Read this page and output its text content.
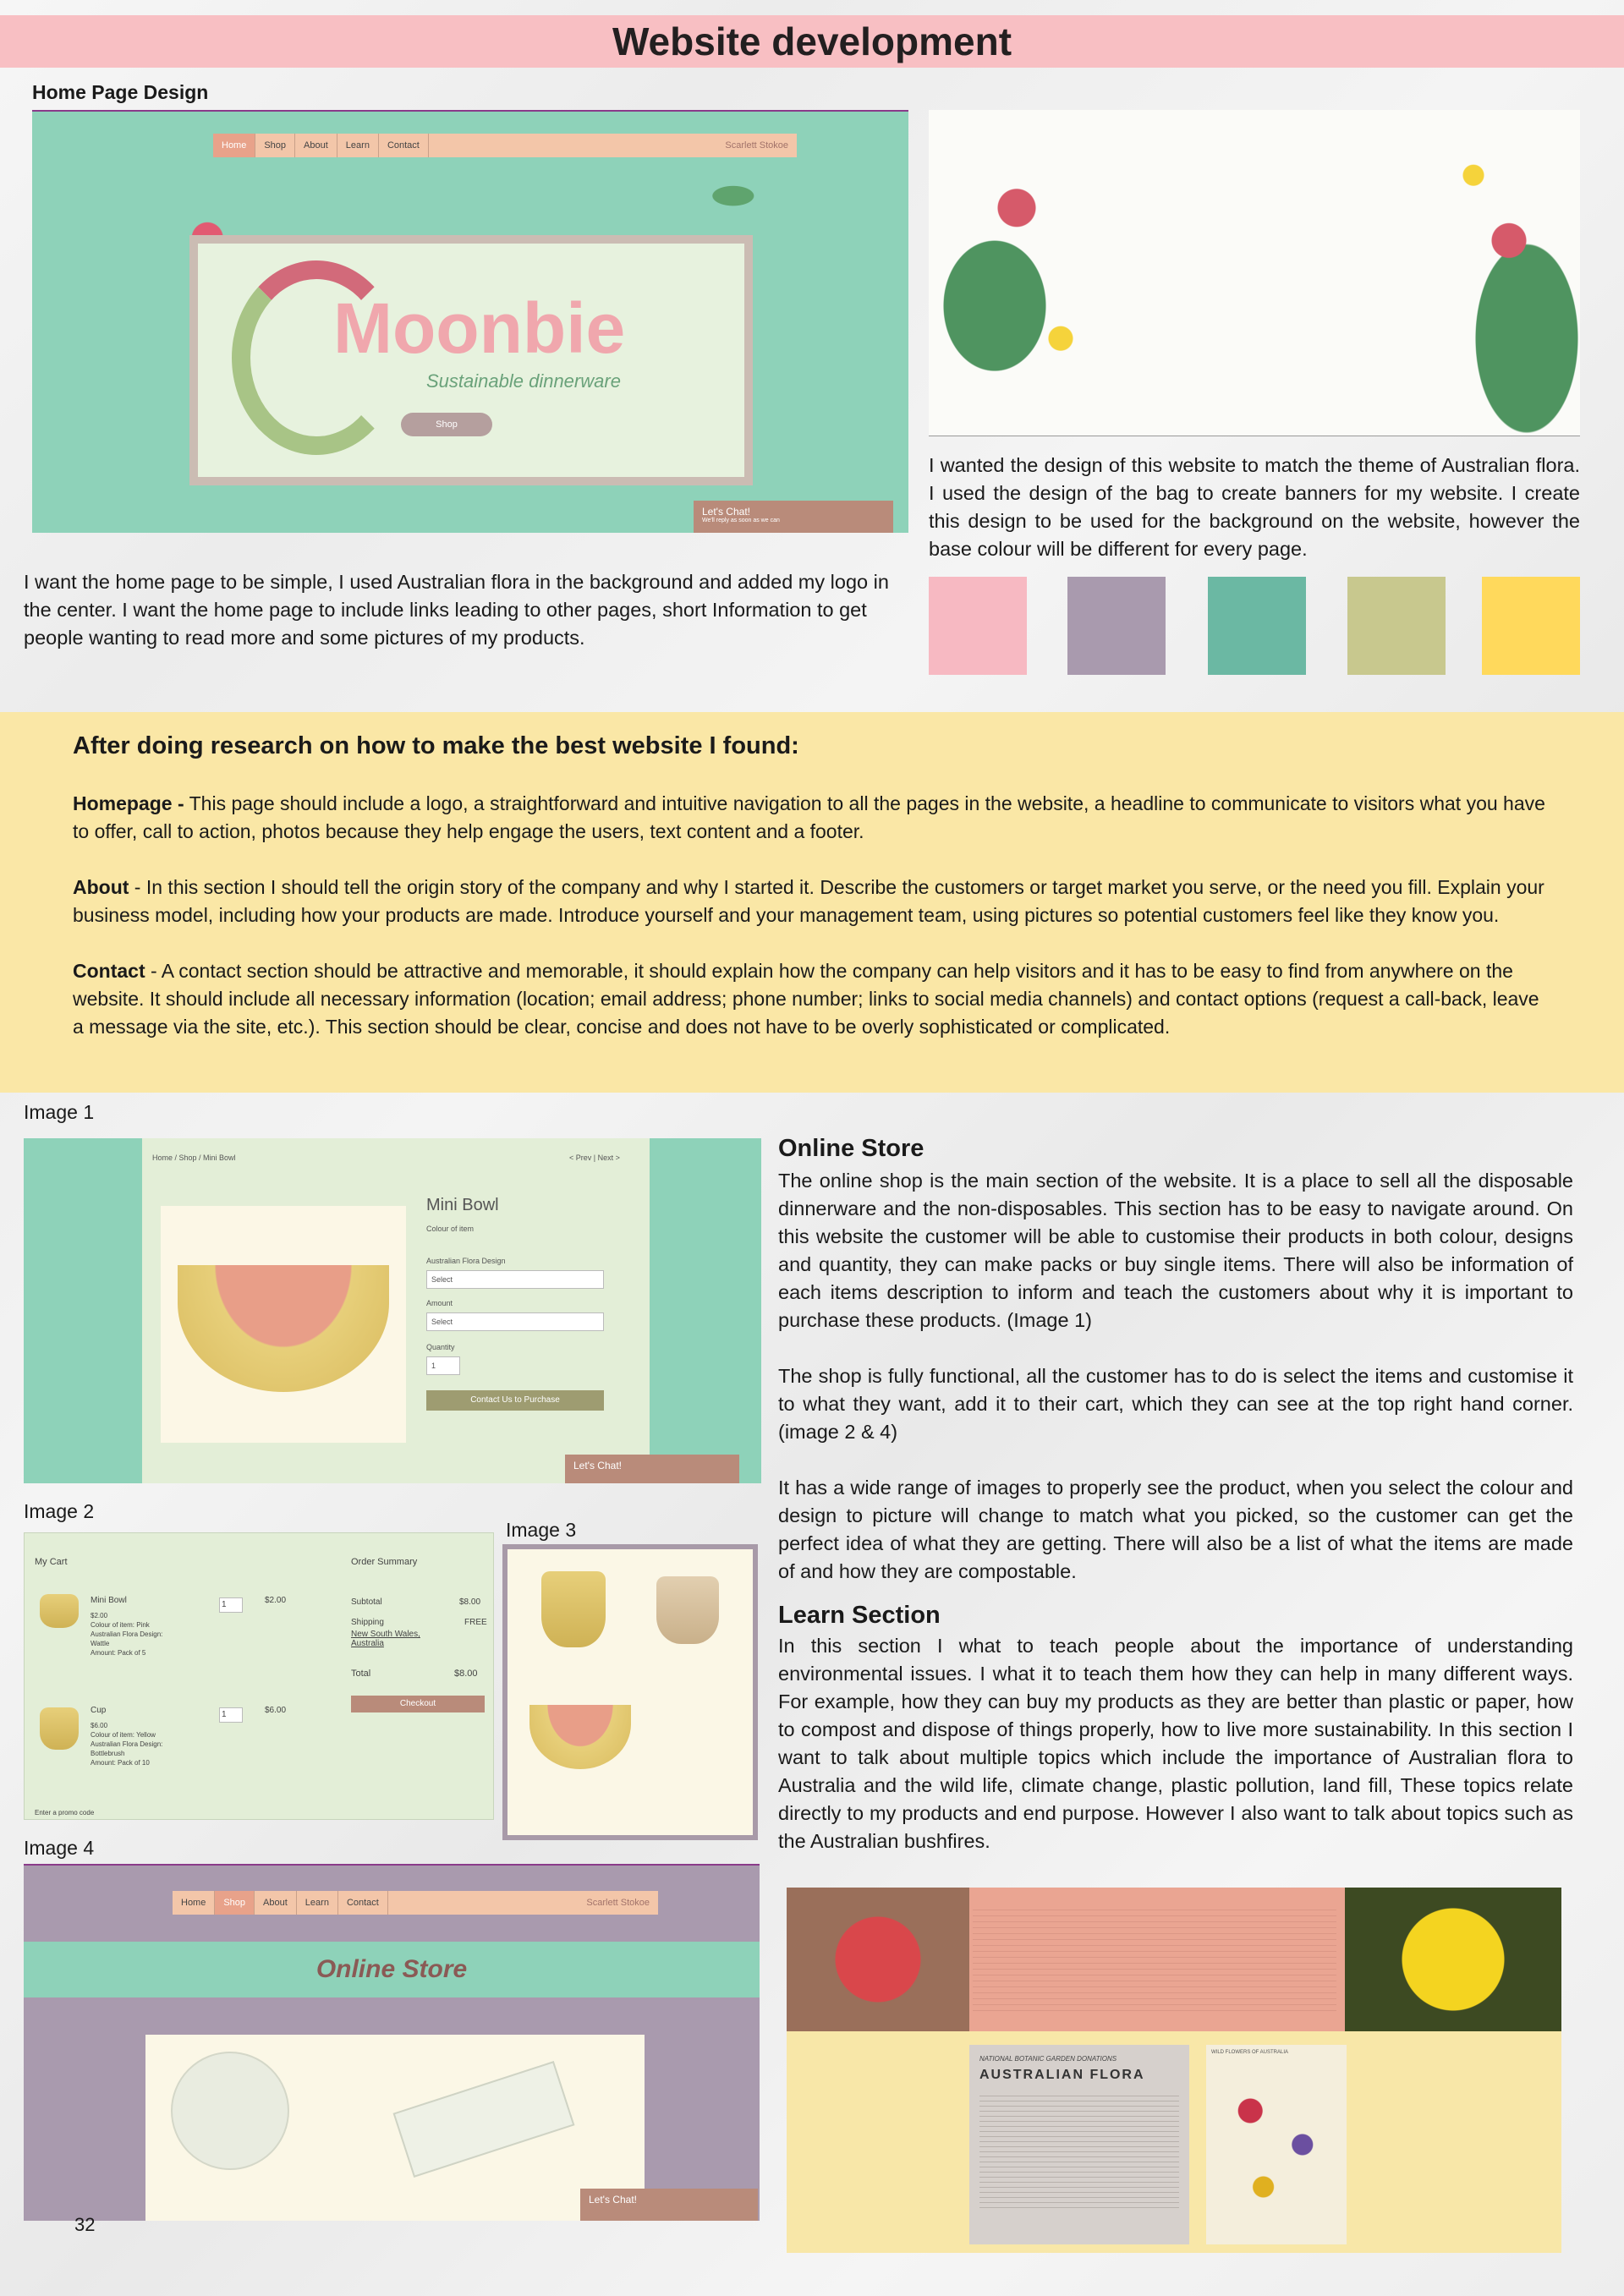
Website development
Home Page Design
Home	Shop	About	Learn	Contact	Scarlett Stokoe
Moonbie
Sustainable dinnerware
Shop
Let's Chat!
We'll reply as soon as we can
I want the home page to be simple, I used Australian flora in the background and added my logo in the center. I want the home page to include links leading to other pages, short Information to get people wanting to read more and some pictures of my products.
I wanted the design of this website to match the theme of Australian flora. I used the design of the bag to create banners for my website. I create this design to be used for the background on the website, however the base colour will be different for every page.
After doing research on how to make the best website I found:

Homepage - This page should include a logo, a straightforward and intuitive navigation to all the pages in the website, a headline to communicate to visitors what you have to offer, call to action, photos because they help engage the users, text content and a footer.

About - In this section I should tell the origin story of the company and why I started it. Describe the customers or target market you serve, or the need you fill. Explain your business model, including how your products are made. Introduce yourself and your management team, using pictures so potential customers feel like they know you.

Contact - A contact section should be attractive and memorable, it should explain how the company can help visitors and it has to be easy to find from anywhere on the website. It should include all necessary information (location; email address; phone number; links to social media channels) and contact options (request a call-back, leave a message via the site, etc.). This section should be clear, concise and does not have to be overly sophisticated or complicated.

Image 1
Home / Shop / Mini Bowl	< Prev | Next >
Mini Bowl
Colour of item
Australian Flora Design
Select
Amount
Select
Quantity
1
Contact Us to Purchase
Let's Chat!
Image 2
My Cart	Order Summary
Mini Bowl
$2.00
Colour of item: Pink
Australian Flora Design:
Wattle
Amount: Pack of 5
1	$2.00
Cup
$6.00
Colour of item: Yellow
Australian Flora Design:
Bottlebrush
Amount: Pack of 10
1	$6.00
Subtotal	$8.00
Shipping	FREE
New South Wales, Australia
Total	$8.00
Checkout
Enter a promo code
Image 3
Image 4
Home	Shop	About	Learn	Contact	Scarlett Stokoe
Online Store
Let's Chat!
Online Store

The online shop is the main section of the website. It is a place to sell all the disposable dinnerware and the non-disposables. This section has to be easy to navigate around. On this website the customer will be able to customise their products in both colour, designs and quantity, they can make packs or buy single items. There will also be information of each items description to inform and teach the customers about why it is important to purchase these products. (Image 1)

The shop is fully functional, all the customer has to do is select the items and customise it to what they want, add it to their cart, which they can see at the top right hand corner. (image 2 & 4)

It has a wide range of images to properly see the product, when you select the colour and design to picture will change to match what you picked, so the customer can get the perfect idea of what they are getting. There will also be a list of what the items are made of and how they are compostable.

Learn Section
In this section I what to teach people about the importance of understanding environmental issues. I what it to teach them how they can help in many different ways. For example, how they can buy my products as they are better than plastic or paper, how to compost and dispose of things properly, how to live more sustainability. In this section I want to talk about multiple topics which include the importance of Australian flora to Australia and the wild life, climate change, plastic pollution, land fill, These topics relate directly to my products and end purpose. However I also want to talk about topics such as the Australian bushfires.
NATIONAL BOTANIC GARDEN DONATIONS
AUSTRALIAN FLORA
WILD FLOWERS OF AUSTRALIA
32
